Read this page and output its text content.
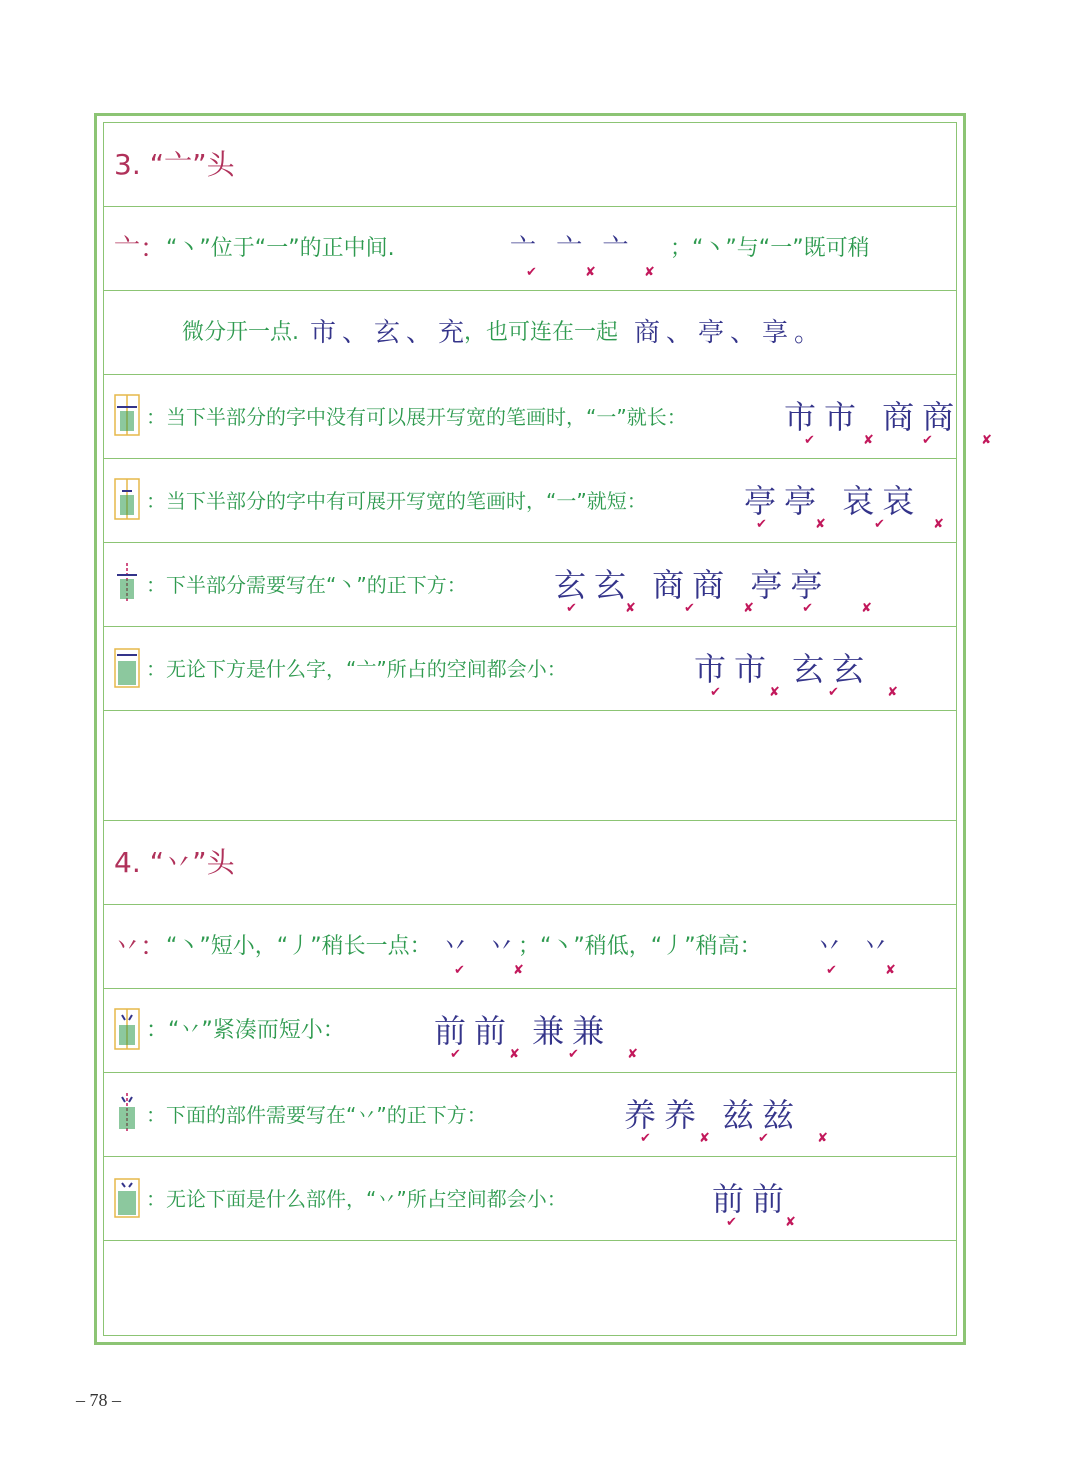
3. “亠”头
亠： “丶”位于“一”的正中间.	亠 亠 亠
✔ ✘ ✘
；“丶”与“一”既可稍
微分开一点. 市、玄、充
，也可连在一起 商、亭、享。
：当下半部分的字中没有可以展开写宽的笔画时，“一”就长：	市市 商商
✔ ✘ ✔ ✘
：当下半部分的字中有可展开写宽的笔画时，“一”就短：	亭亭 哀哀
✔ ✘ ✔ ✘
：下半部分需要写在“丶”的正下方：	玄玄 商商 亭亭
✔ ✘ ✔ ✘ ✔ ✘
：无论下方是什么字，“亠”所占的空间都会小：	市市 玄玄
✔ ✘ ✔ ✘
4. “丷”头
丷： “丶”短小，“丿”稍长一点： 丷 丷
✔ ✘
；“丶”稍低，“丿”稍高： 丷 丷
✔ ✘
：“丷”紧凑而短小：	前前 兼兼
✔ ✘ ✔ ✘
：下面的部件需要写在“丷”的正下方：	养养 兹兹
✔ ✘ ✔ ✘
：无论下面是什么部件，“丷”所占空间都会小：	前前
✔ ✘
– 78 –
